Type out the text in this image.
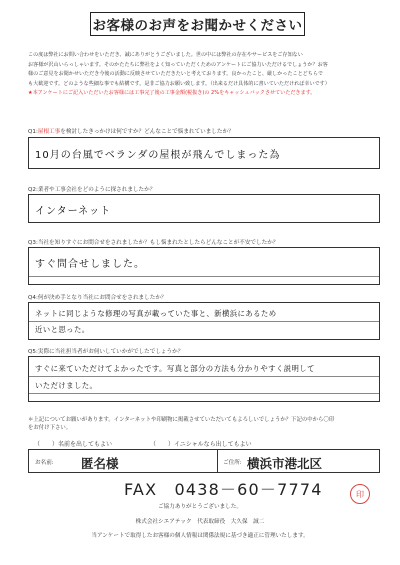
お客様のお声をお聞かせください

この度は弊社にお問い合わせをいただき、誠にありがとうございました。世の中には弊社の存在やサービスをご存知ない

お客様が沢山いらっしゃいます。そのかたたちに弊社をよく知っていただくためのアンケートにご協力いただけるでしょうか？お客

様のご意見をお聞かせいただき今後の活動に反映させていただきたいと考えております。良かったこと、厳しかったことどちらで

も大歓迎です。どのような些細な事でも結構です。是非ご協力お願い致します。（出来るだけ具体的に書いていただければ幸いです）

★本アンケートにご記入いただいたお客様には工事完了後の工事金額(税抜き)の 2%をキャッシュバックさせていただきます。

Q1:屋根工事を検討したきっかけは何ですか？どんなことで悩まれていましたか？
10月の台風でベランダの屋根が飛んでしまった為
Q2:業者や工事会社をどのように探されましたか？
インターネット
Q3:当社を知りすぐにお問合せをされましたか？もし悩まれたとしたらどんなことが不安でしたか？
すぐ問合せしました。
Q4:何が決め手となり当社にお問合せをされましたか？
ネットに同じような修理の写真が載っていた事と、新横浜にあるため
近いと思った。
Q5:実際に当社担当者がお伺いしていかがでしたでしょうか？
すぐに来ていただけてよかったです。写真と部分の方法も分かりやすく説明して
いただけました。
＊上記についてお願いがあります。インターネットや印刷物に掲載させていただいてもよろしいでしょうか？下記の中から〇印
をお付け下さい。
（　　）名前を出してもよい	（　　）イニシャルなら出してもよい
お名前: 匿名様	ご住所: 横浜市港北区
FAX　0438－60－7774
ご協力ありがとうございました。
株式会社シエアテック　代表取締役　大久保　誠二
当アンケートで取得したお客様の個人情報は関係法規に基づき適正に管理いたします。
印
